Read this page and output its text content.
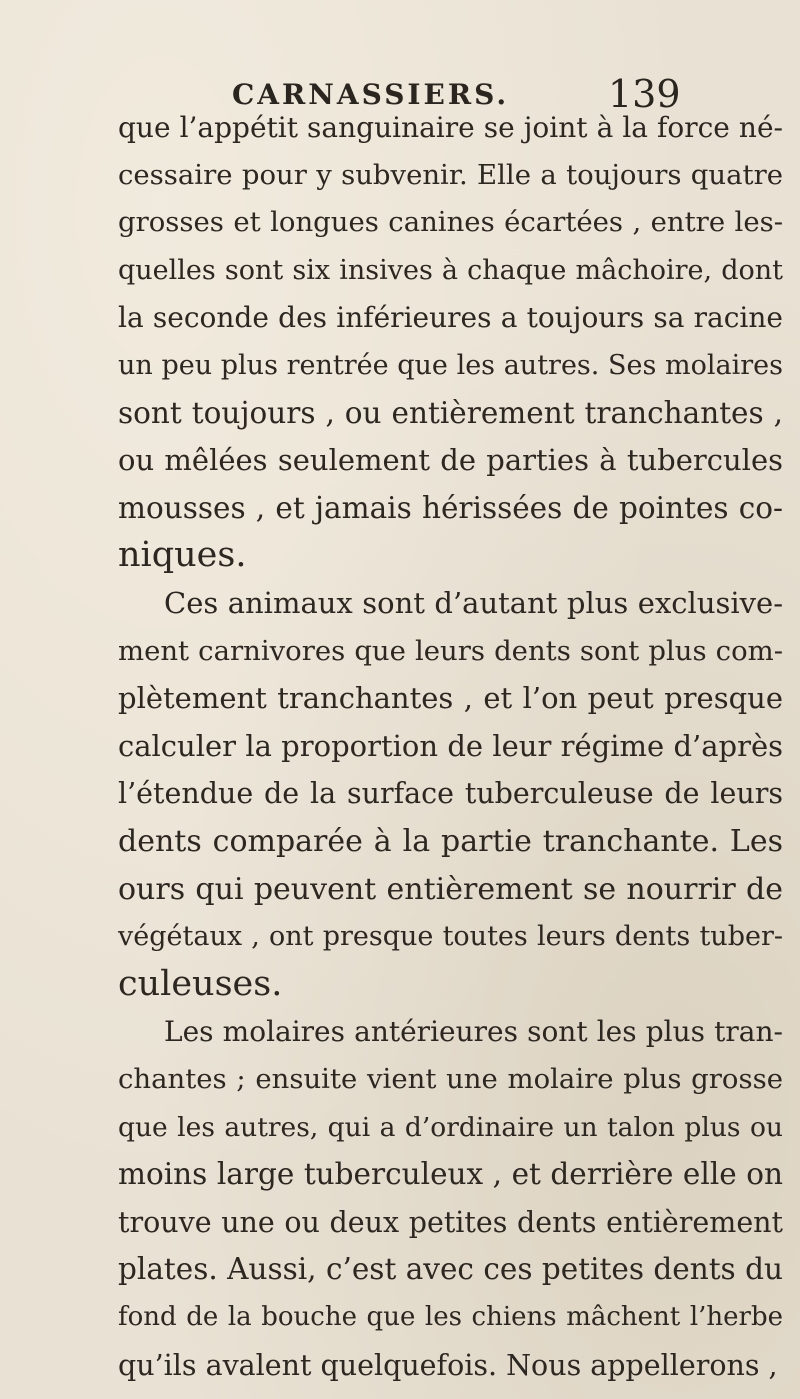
CARNASSIERS.	139
que l’appétit sanguinaire se joint à la force né-
cessaire pour y subvenir. Elle a toujours quatre
grosses et longues canines écartées , entre les-
quelles sont six insives à chaque mâchoire, dont
la seconde des inférieures a toujours sa racine
un peu plus rentrée que les autres. Ses molaires
sont toujours , ou entièrement tranchantes ,
ou mêlées seulement de parties à tubercules
mousses , et jamais hérissées de pointes co-
niques.
Ces animaux sont d’autant plus exclusive-
ment carnivores que leurs dents sont plus com-
plètement tranchantes , et l’on peut presque
calculer la proportion de leur régime d’après
l’étendue de la surface tuberculeuse de leurs
dents comparée à la partie tranchante. Les
ours qui peuvent entièrement se nourrir de
végétaux , ont presque toutes leurs dents tuber-
culeuses.
Les molaires antérieures sont les plus tran-
chantes ; ensuite vient une molaire plus grosse
que les autres, qui a d’ordinaire un talon plus ou
moins large tuberculeux , et derrière elle on
trouve une ou deux petites dents entièrement
plates. Aussi, c’est avec ces petites dents du
fond de la bouche que les chiens mâchent l’herbe
qu’ils avalent quelquefois. Nous appellerons ,
